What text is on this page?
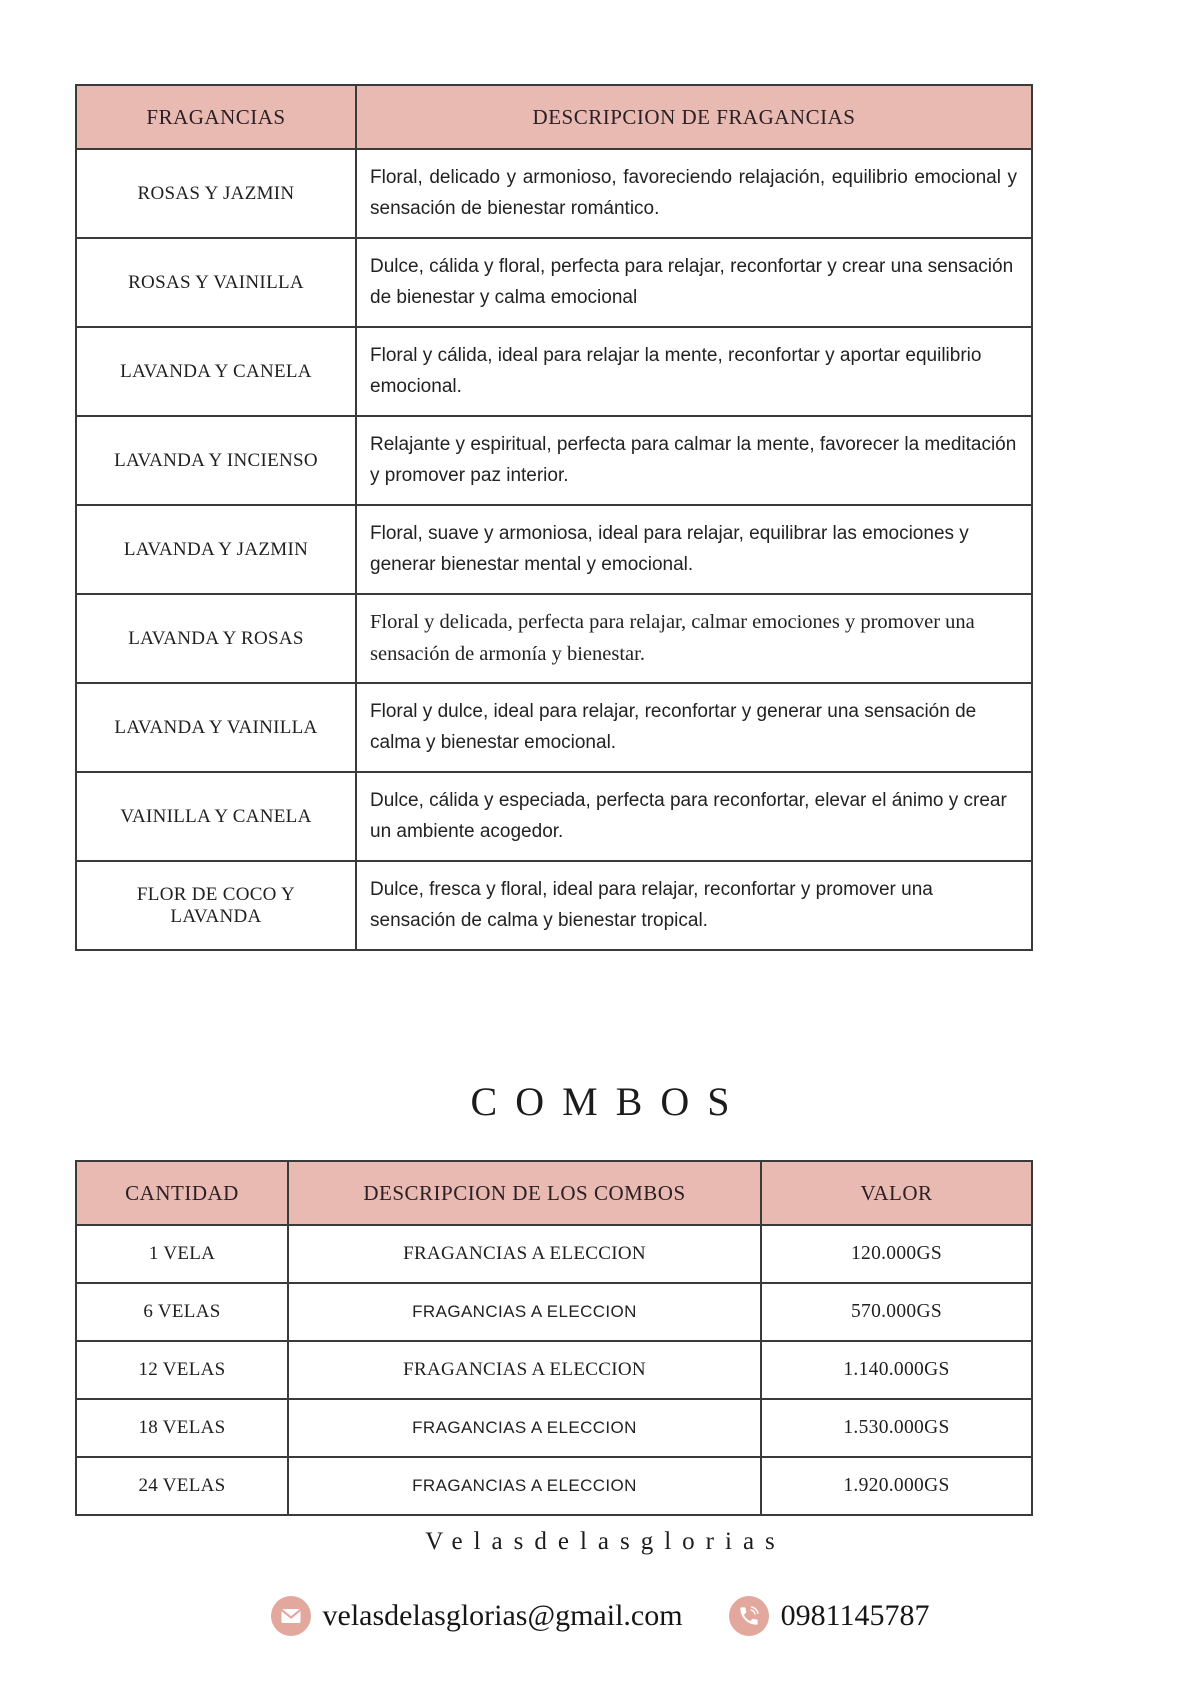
FRAGANCIAS	DESCRIPCION DE FRAGANCIAS
ROSAS Y JAZMIN	Floral, delicado y armonioso, favoreciendo relajación, equilibrio emocional y sensación de bienestar romántico.
ROSAS Y VAINILLA	Dulce, cálida y floral, perfecta para relajar, reconfortar y crear una sensación de bienestar y calma emocional
LAVANDA Y CANELA	Floral y cálida, ideal para relajar la mente, reconfortar y aportar equilibrio emocional.
LAVANDA Y INCIENSO	Relajante y espiritual, perfecta para calmar la mente, favorecer la meditación y promover paz interior.
LAVANDA Y JAZMIN	Floral, suave y armoniosa, ideal para relajar, equilibrar las emociones y generar bienestar mental y emocional.
LAVANDA Y ROSAS	Floral y delicada, perfecta para relajar, calmar emociones y promover una sensación de armonía y bienestar.
LAVANDA Y VAINILLA	Floral y dulce, ideal para relajar, reconfortar y generar una sensación de calma y bienestar emocional.
VAINILLA Y CANELA	Dulce, cálida y especiada, perfecta para reconfortar, elevar el ánimo y crear un ambiente acogedor.
FLOR DE COCO Y LAVANDA	Dulce, fresca y floral, ideal para relajar, reconfortar y promover una sensación de calma y bienestar tropical.
COMBOS
CANTIDAD	DESCRIPCION DE LOS COMBOS	VALOR
1 VELA	FRAGANCIAS A ELECCION	120.000GS
6 VELAS	FRAGANCIAS A ELECCION	570.000GS
12 VELAS	FRAGANCIAS A ELECCION	1.140.000GS
18 VELAS	FRAGANCIAS A ELECCION	1.530.000GS
24 VELAS	FRAGANCIAS A ELECCION	1.920.000GS
Velasdelasglorias
velasdelasglorias@gmail.com	0981145787
